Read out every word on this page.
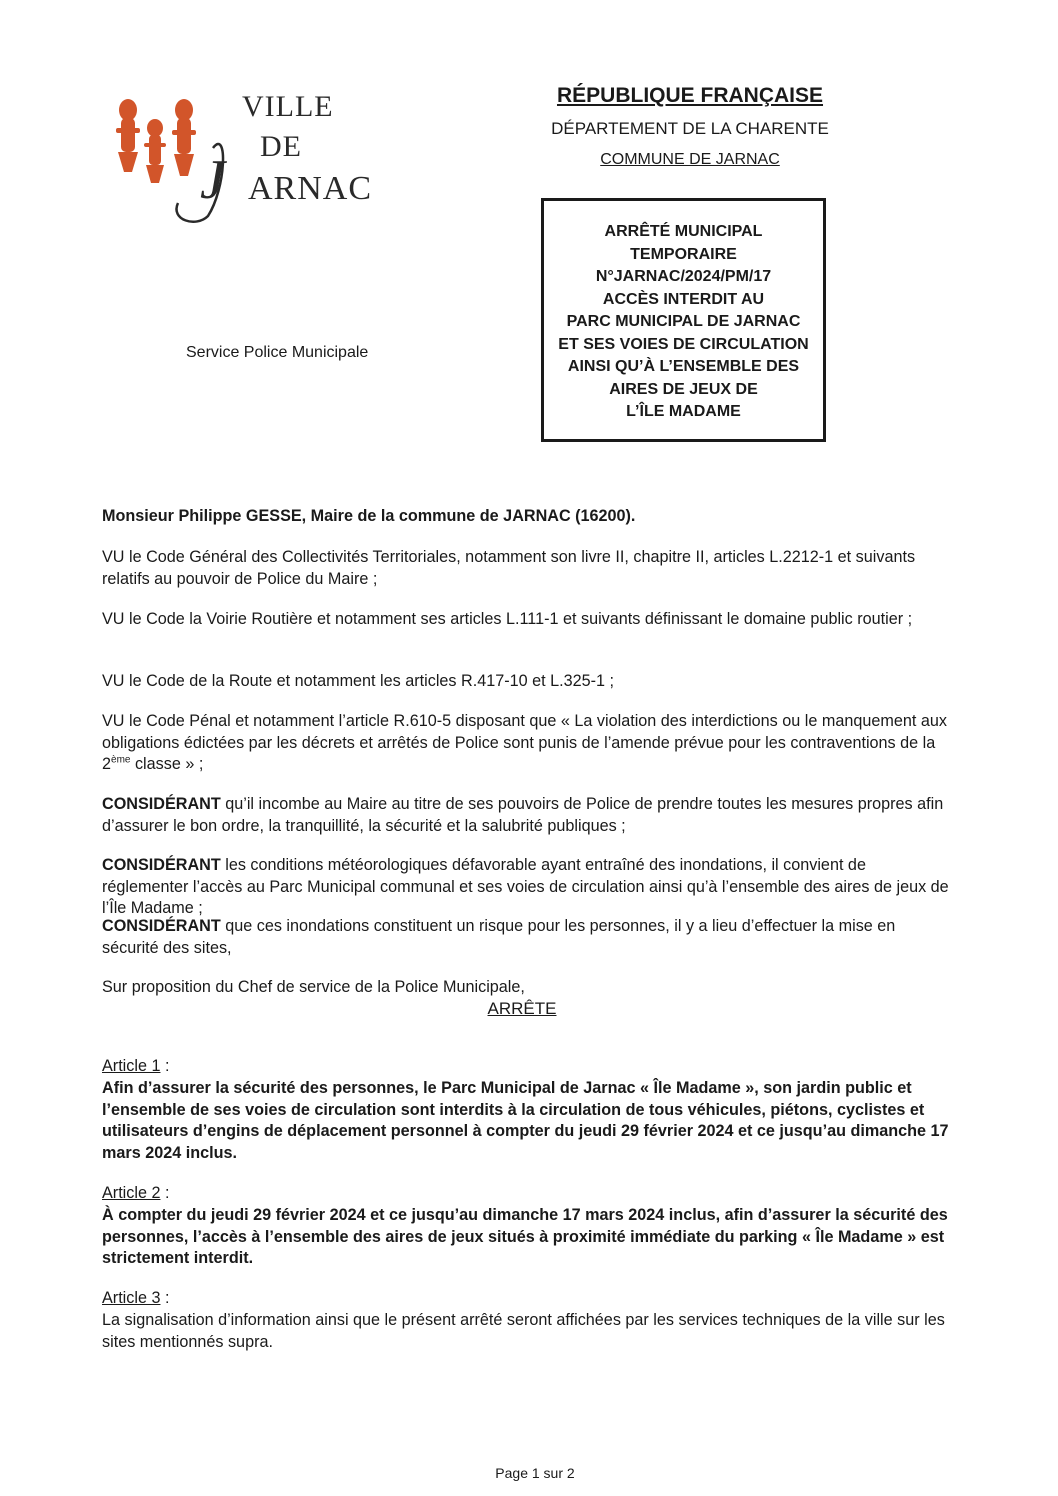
VILLE
DE
J ARNAC
Service Police Municipale
RÉPUBLIQUE FRANÇAISE
DÉPARTEMENT DE LA CHARENTE
COMMUNE DE JARNAC
ARRÊTÉ MUNICIPAL
TEMPORAIRE
N°JARNAC/2024/PM/17
ACCÈS INTERDIT AU
PARC MUNICIPAL DE JARNAC
ET SES VOIES DE CIRCULATION
AINSI QU’À L’ENSEMBLE DES
AIRES DE JEUX DE
L’ÎLE MADAME

Monsieur Philippe GESSE, Maire de la commune de JARNAC (16200).

VU le Code Général des Collectivités Territoriales, notamment son livre II, chapitre II, articles L.2212-1 et suivants relatifs au pouvoir de Police du Maire ;

VU le Code la Voirie Routière et notamment ses articles L.111-1 et suivants définissant le domaine public routier ;

VU le Code de la Route et notamment les articles R.417-10 et L.325-1 ;

VU le Code Pénal et notamment l’article R.610-5 disposant que « La violation des interdictions ou le manquement aux obligations édictées par les décrets et arrêtés de Police sont punis de l’amende prévue pour les contraventions de la 2ème classe » ;

CONSIDÉRANT qu’il incombe au Maire au titre de ses pouvoirs de Police de prendre toutes les mesures propres afin d’assurer le bon ordre, la tranquillité, la sécurité et la salubrité publiques ;

CONSIDÉRANT les conditions météorologiques défavorable ayant entraîné des inondations, il convient de réglementer l’accès au Parc Municipal communal et ses voies de circulation ainsi qu’à l’ensemble des aires de jeux de l’Île Madame ;

CONSIDÉRANT que ces inondations constituent un risque pour les personnes, il y a lieu d’effectuer la mise en sécurité des sites,

Sur proposition du Chef de service de la Police Municipale,

ARRÊTE

Article 1 :

Afin d’assurer la sécurité des personnes, le Parc Municipal de Jarnac « Île Madame », son jardin public et l’ensemble de ses voies de circulation sont interdits à la circulation de tous véhicules, piétons, cyclistes et utilisateurs d’engins de déplacement personnel à compter du jeudi 29 février 2024 et ce jusqu’au dimanche 17 mars 2024 inclus.

Article 2 :

À compter du jeudi 29 février 2024 et ce jusqu’au dimanche 17 mars 2024 inclus, afin d’assurer la sécurité des personnes, l’accès à l’ensemble des aires de jeux situés à proximité immédiate du parking « Île Madame » est strictement interdit.

Article 3 :

La signalisation d’information ainsi que le présent arrêté seront affichées par les services techniques de la ville sur les sites mentionnés supra.

Page 1 sur 2
